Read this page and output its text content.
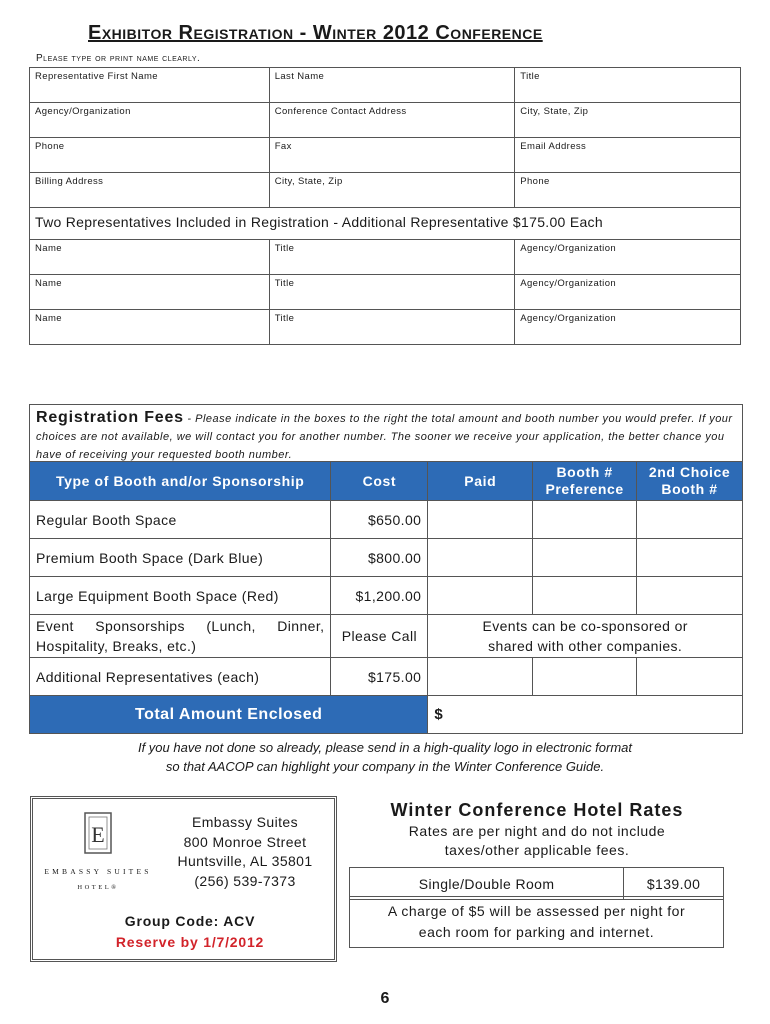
Exhibitor Registration - Winter 2012 Conference
Please type or print name clearly.
Representative First Name	Last Name	Title
Agency/Organization	Conference Contact Address	City, State, Zip
Phone	Fax	Email Address
Billing Address	City, State, Zip	Phone
Two Representatives Included in Registration - Additional Representative $175.00 Each		
Name	Title	Agency/Organization
Name	Title	Agency/Organization
Name	Title	Agency/Organization
Registration Fees - Please indicate in the boxes to the right the total amount and booth number you would prefer. If your choices are not available, we will contact you for another number. The sooner we receive your application, the better chance you have of receiving your requested booth number.
Type of Booth and/or Sponsorship	Cost	Paid	Booth # Preference	2nd Choice Booth #
Regular Booth Space	$650.00			
Premium Booth Space (Dark Blue)	$800.00			
Large Equipment Booth Space (Red)	$1,200.00			
Event Sponsorships (Lunch, Dinner, Hospitality, Breaks, etc.)	Please Call	Events can be co-sponsored or shared with other companies.		
Additional Representatives (each)	$175.00			
Total Amount Enclosed		$		
If you have not done so already, please send in a high-quality logo in electronic format
so that AACOP can highlight your company in the Winter Conference Guide.
E
EMBASSY SUITES
HOTEL®
Embassy Suites
800 Monroe Street
Huntsville, AL 35801
(256) 539-7373
Group Code: ACV
Reserve by 1/7/2012
Winter Conference Hotel Rates
Rates are per night and do not include
taxes/other applicable fees.
Single/Double Room	$139.00
A charge of $5 will be assessed per night for
each room for parking and internet.
6
